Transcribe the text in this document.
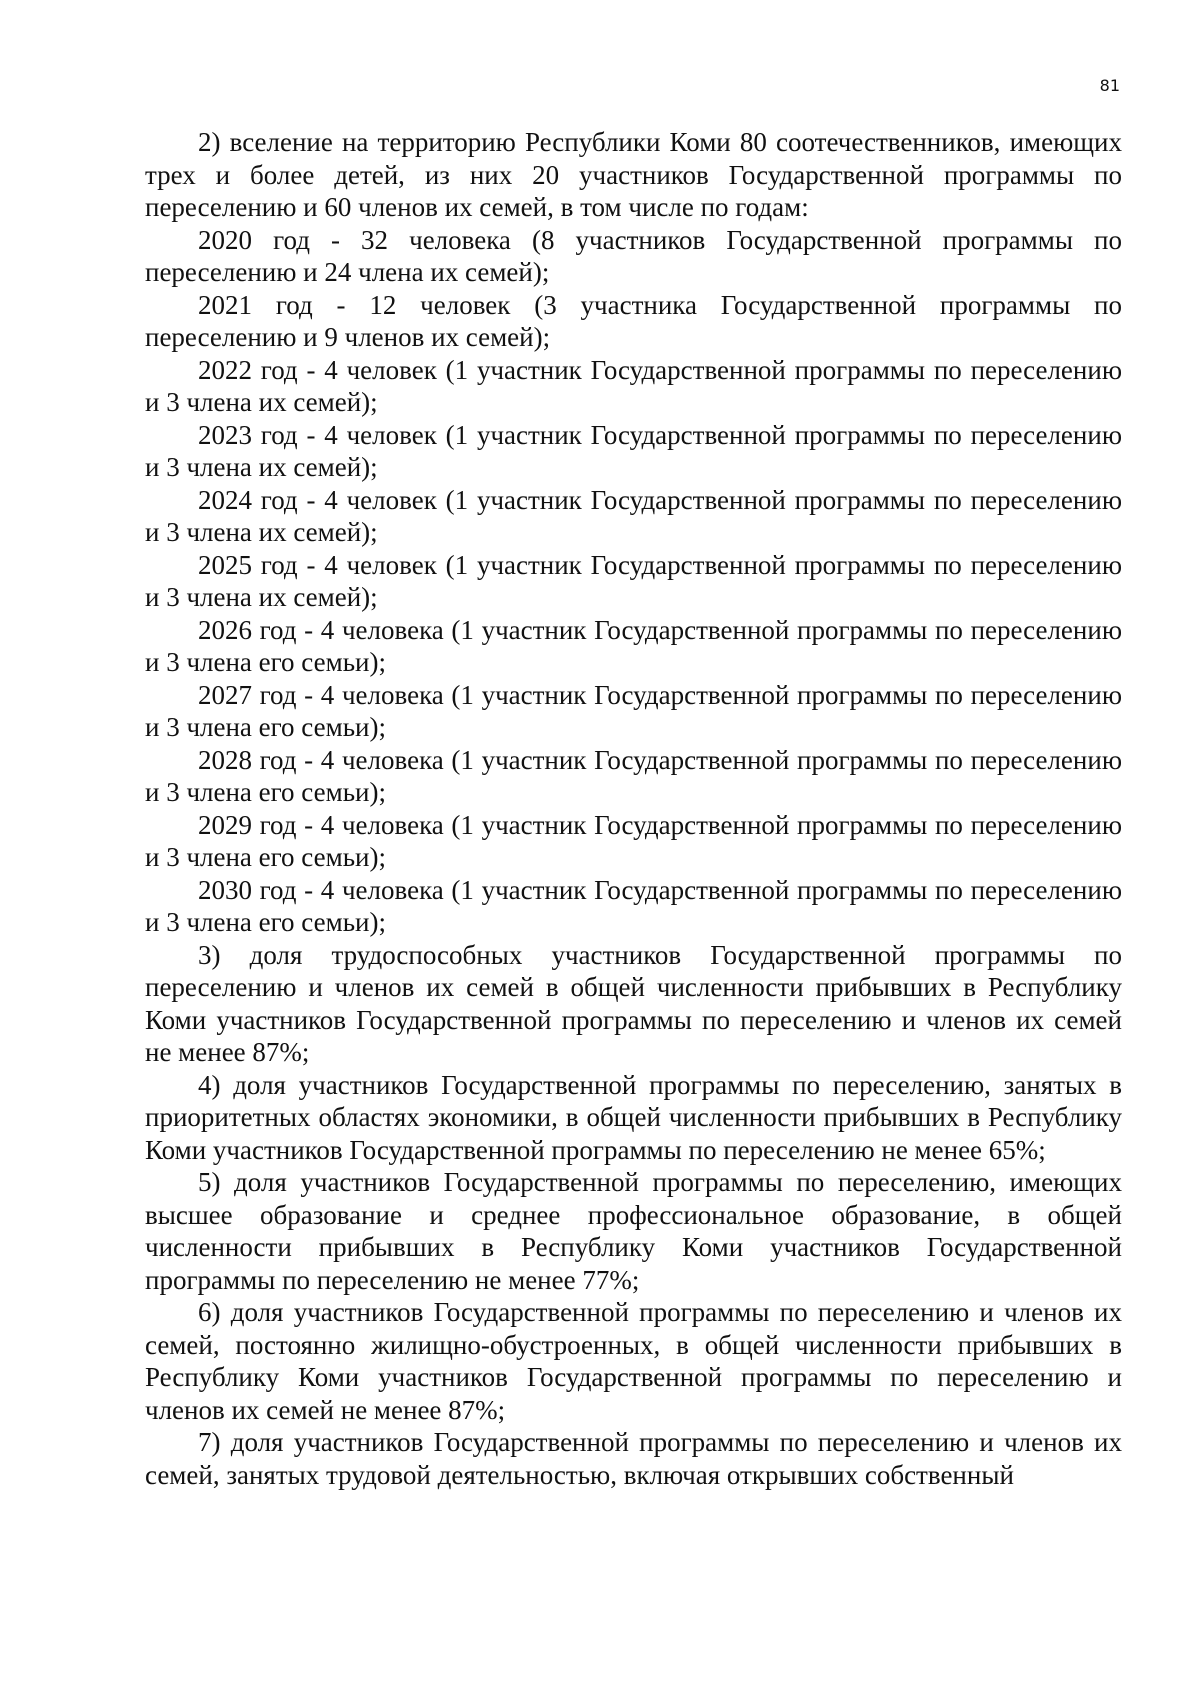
81

2) вселение на территорию Республики Коми 80 соотечественников, имеющих трех и более детей, из них 20 участников Государственной программы по переселению и 60 членов их семей, в том числе по годам:

2020 год - 32 человека (8 участников Государственной программы по переселению и 24 члена их семей);

2021 год - 12 человек (3 участника Государственной программы по переселению и 9 членов их семей);

2022 год - 4 человек (1 участник Государственной программы по переселению и 3 члена их семей);

2023 год - 4 человек (1 участник Государственной программы по переселению и 3 члена их семей);

2024 год - 4 человек (1 участник Государственной программы по переселению и 3 члена их семей);

2025 год - 4 человек (1 участник Государственной программы по переселению и 3 члена их семей);

2026 год - 4 человека (1 участник Государственной программы по переселению и 3 члена его семьи);

2027 год - 4 человека (1 участник Государственной программы по переселению и 3 члена его семьи);

2028 год - 4 человека (1 участник Государственной программы по переселению и 3 члена его семьи);

2029 год - 4 человека (1 участник Государственной программы по переселению и 3 члена его семьи);

2030 год - 4 человека (1 участник Государственной программы по переселению и 3 члена его семьи);

3) доля трудоспособных участников Государственной программы по переселению и членов их семей в общей численности прибывших в Республику Коми участников Государственной программы по переселению и членов их семей не менее 87%;

4) доля участников Государственной программы по переселению, занятых в приоритетных областях экономики, в общей численности прибывших в Республику Коми участников Государственной программы по переселению не менее 65%;

5) доля участников Государственной программы по переселению, имеющих высшее образование и среднее профессиональное образование, в общей численности прибывших в Республику Коми участников Государственной программы по переселению не менее 77%;

6) доля участников Государственной программы по переселению и членов их семей, постоянно жилищно-обустроенных, в общей численности прибывших в Республику Коми участников Государственной программы по переселению и членов их семей не менее 87%;

7) доля участников Государственной программы по переселению и членов их семей, занятых трудовой деятельностью, включая открывших собственный
